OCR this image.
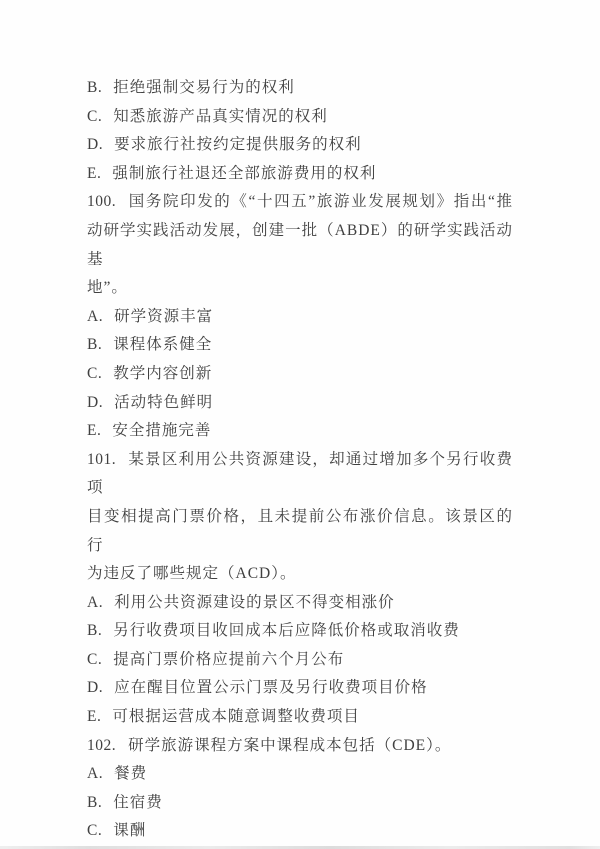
B. 拒绝强制交易行为的权利
C. 知悉旅游产品真实情况的权利
D. 要求旅行社按约定提供服务的权利
E. 强制旅行社退还全部旅游费用的权利
100. 国务院印发的《“十四五”旅游业发展规划》指出“推
动研学实践活动发展，创建一批（ABDE）的研学实践活动基
地”。
A. 研学资源丰富
B. 课程体系健全
C. 教学内容创新
D. 活动特色鲜明
E. 安全措施完善
101. 某景区利用公共资源建设，却通过增加多个另行收费项
目变相提高门票价格，且未提前公布涨价信息。该景区的行
为违反了哪些规定（ACD）。
A. 利用公共资源建设的景区不得变相涨价
B. 另行收费项目收回成本后应降低价格或取消收费
C. 提高门票价格应提前六个月公布
D. 应在醒目位置公示门票及另行收费项目价格
E. 可根据运营成本随意调整收费项目
102. 研学旅游课程方案中课程成本包括（CDE）。
A. 餐费
B. 住宿费
C. 课酬
